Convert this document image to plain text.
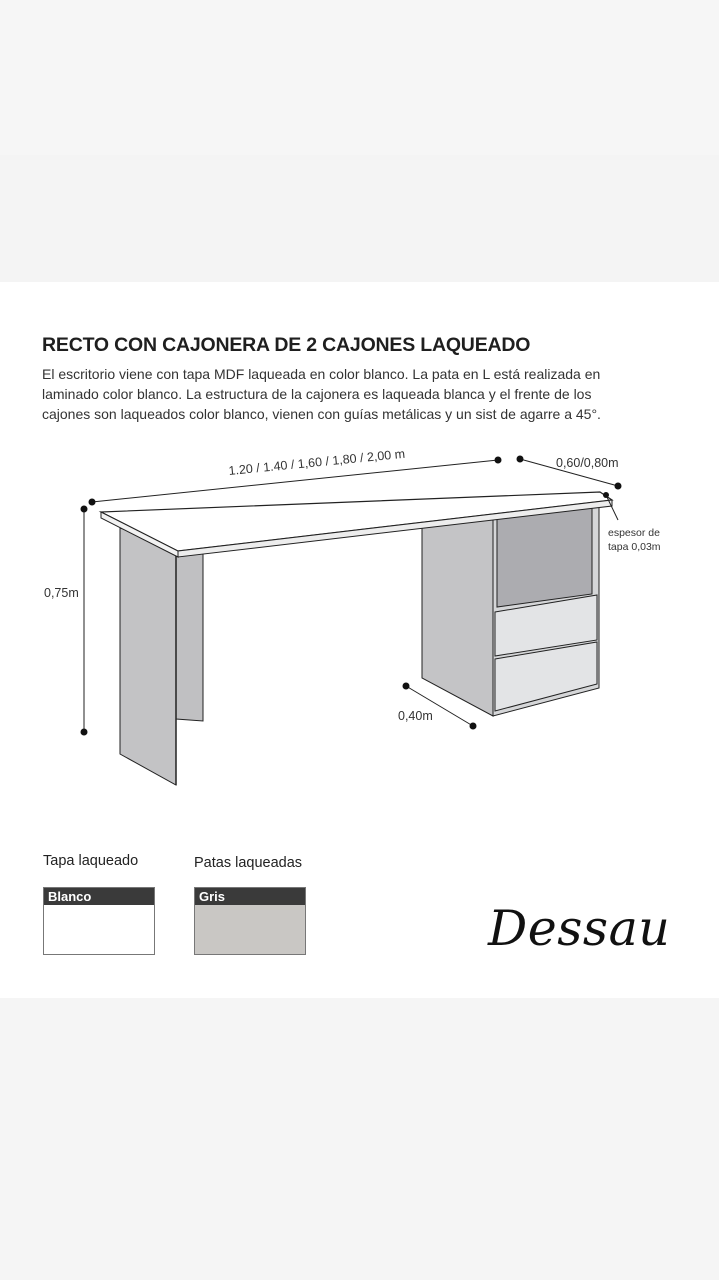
RECTO CON CAJONERA DE 2 CAJONES LAQUEADO
El escritorio viene con tapa MDF laqueada en color blanco. La pata en L está realizada en
laminado color blanco. La estructura de la cajonera es laqueada blanca y el frente de los
cajones son laqueados color blanco, vienen con guías metálicas y un sist de agarre a 45°.
1.20 / 1.40 / 1,60 / 1,80 / 2,00 m	0,60/0,80m
0,75m
0,40m
espesor de
tapa 0,03m
Tapa laqueado
Blanco
Patas laqueadas
Gris
Dessau
